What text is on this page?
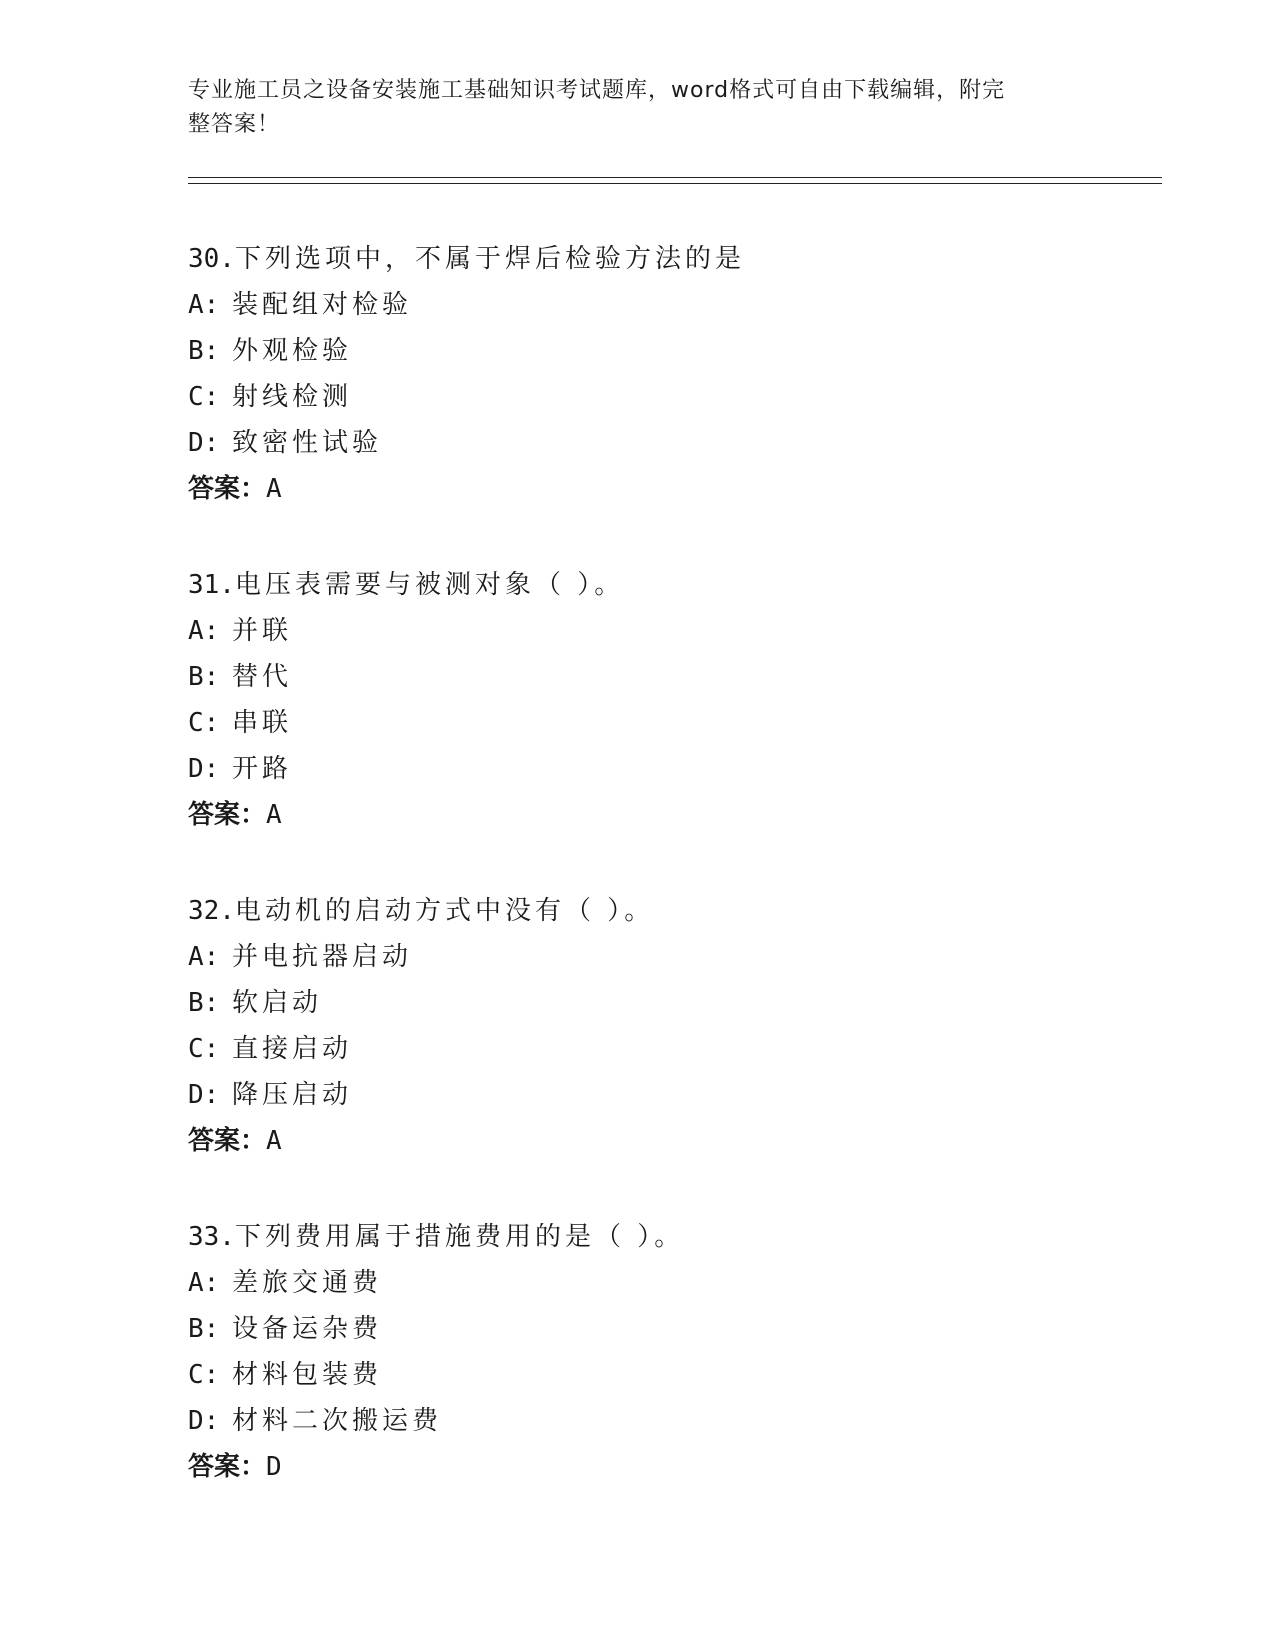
专业施工员之设备安装施工基础知识考试题库，word格式可自由下载编辑，附完
整答案！
30.下列选项中，不属于焊后检验方法的是
A: 装配组对检验
B: 外观检验
C: 射线检测
D: 致密性试验
答案：A
31.电压表需要与被测对象（ ）。
A: 并联
B: 替代
C: 串联
D: 开路
答案：A
32.电动机的启动方式中没有（ ）。
A: 并电抗器启动
B: 软启动
C: 直接启动
D: 降压启动
答案：A
33.下列费用属于措施费用的是（ ）。
A: 差旅交通费
B: 设备运杂费
C: 材料包装费
D: 材料二次搬运费
答案：D
